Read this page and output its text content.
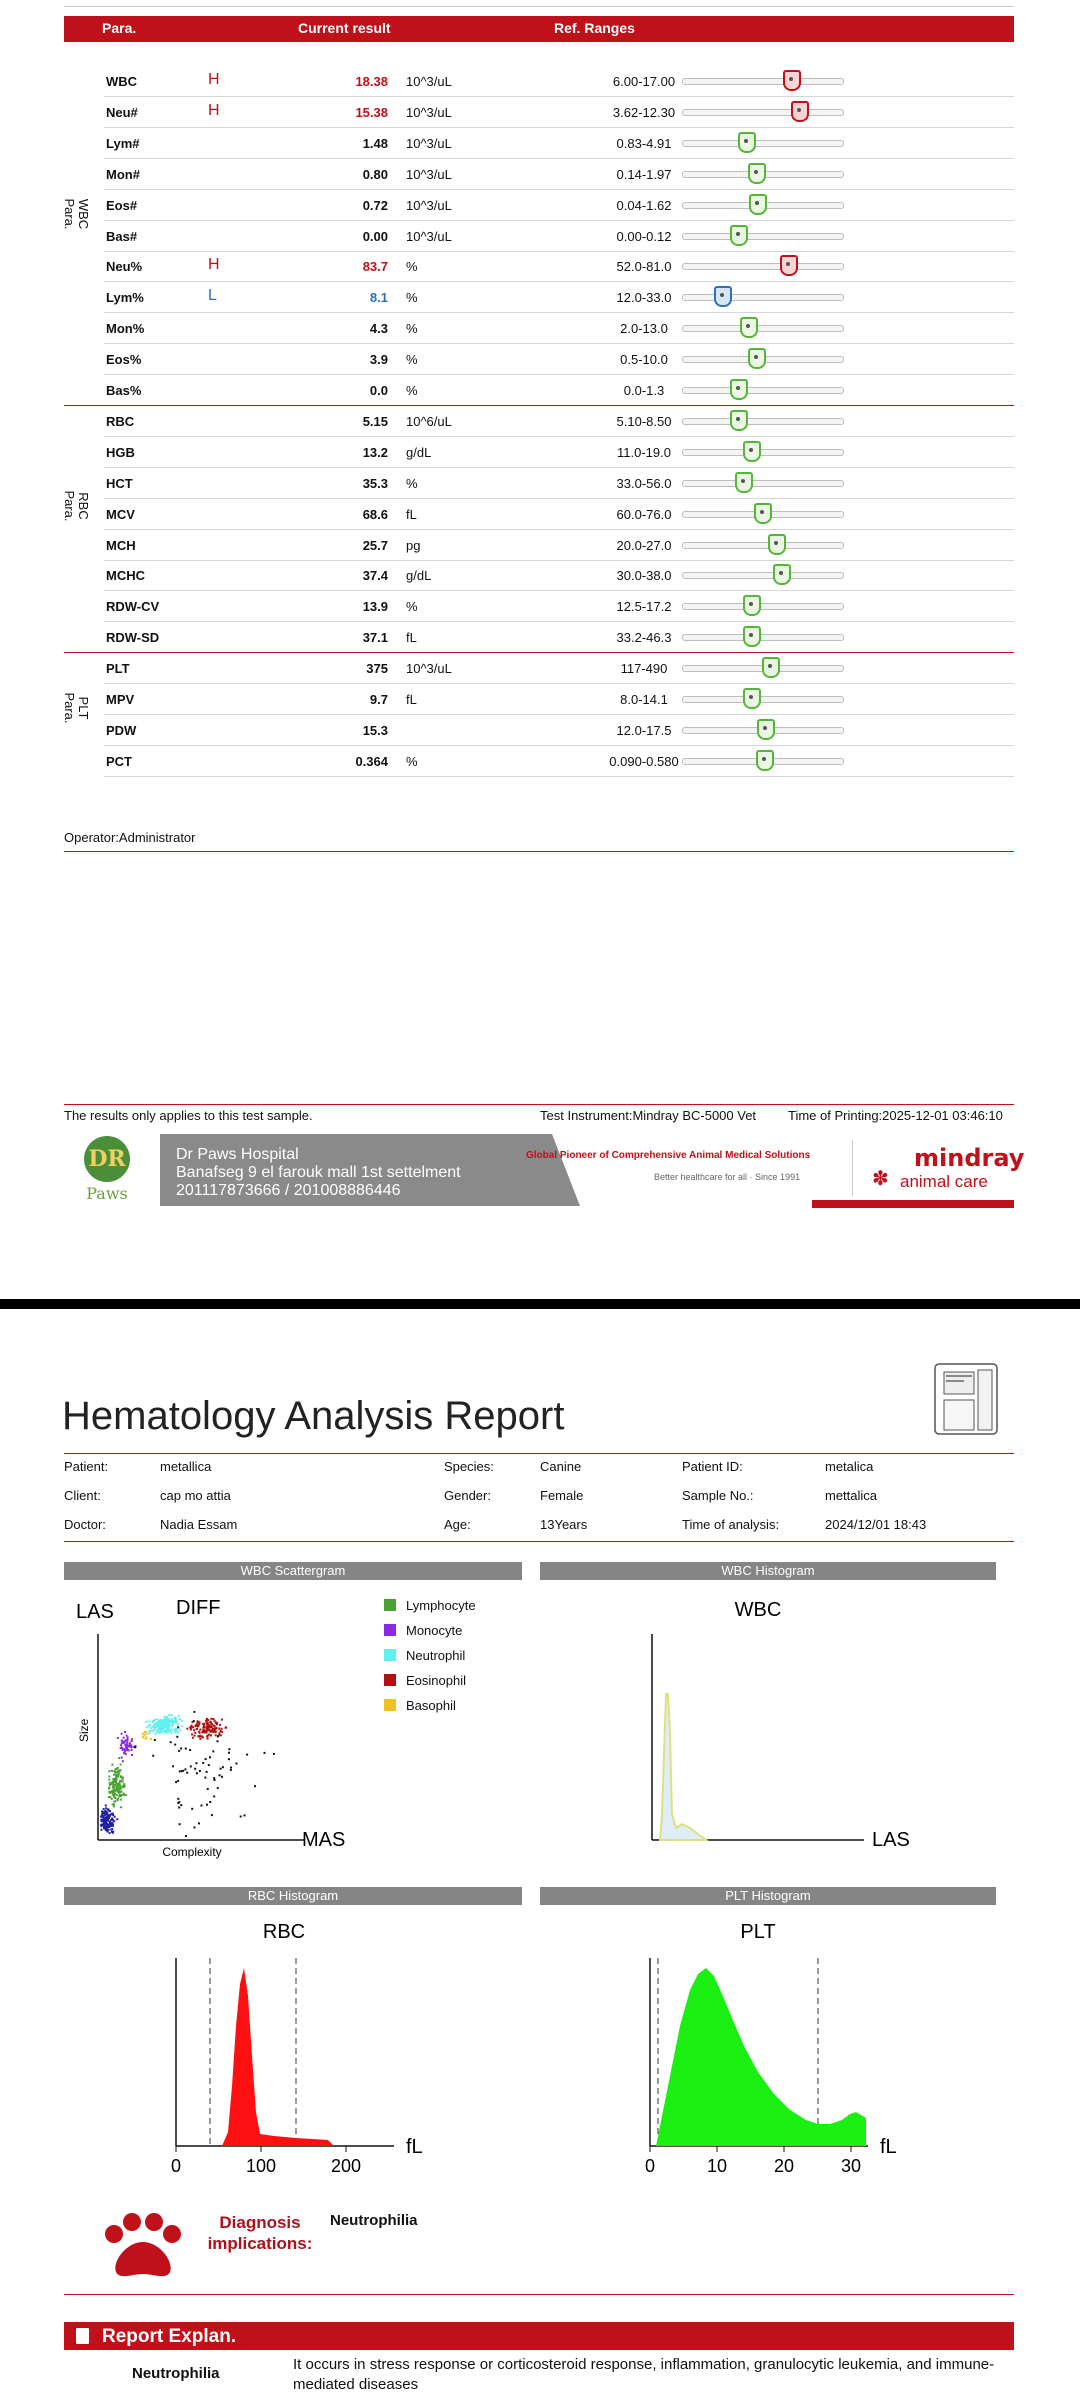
Para.	Current result	Ref. Ranges
WBC	H	18.38 10^3/uL	6.00-17.00
Neu#	H	15.38 10^3/uL	3.62-12.30
Lym#	1.48 10^3/uL	0.83-4.91
Mon#	0.80 10^3/uL	0.14-1.97
Eos#	0.72 10^3/uL	0.04-1.62
Bas#	0.00 10^3/uL	0.00-0.12
Neu%	H	83.7 %	52.0-81.0
Lym%	L	8.1 %	12.0-33.0
Mon%	4.3 %	2.0-13.0
Eos%	3.9 %	0.5-10.0
Bas%	0.0 %	0.0-1.3
RBC	5.15 10^6/uL	5.10-8.50
HGB	13.2 g/dL	11.0-19.0
HCT	35.3 %	33.0-56.0
MCV	68.6 fL	60.0-76.0
MCH	25.7 pg	20.0-27.0
MCHC	37.4 g/dL	30.0-38.0
RDW-CV	13.9 %	12.5-17.2
RDW-SD	37.1 fL	33.2-46.3
PLT	375 10^3/uL	117-490
MPV	9.7 fL	8.0-14.1
PDW	15.3	12.0-17.5
PCT	0.364 %	0.090-0.580
WBC
Para.
RBC
Para.
PLT
Para.
Operator:Administrator
The results only applies to this test sample.	Test Instrument:Mindray BC-5000 Vet Time of Printing:2025-12-01 03:46:10
DR
Paws
Dr Paws Hospital
Banafseg 9 el farouk mall 1st settelment
201117873666 / 201008886446
Global Pioneer of Comprehensive Animal Medical Solutions
Better healthcare for all · Since 1991	✽
mindray
animal care
Hematology Analysis Report
Patient:	metallica
Client:	cap mo attia
Doctor:	Nadia Essam
Species:	Canine
Gender:	Female
Age:	13Years
Patient ID:	metalica
Sample No.:	mettalica
Time of analysis:	2024/12/01 18:43
WBC Scattergram	WBC Histogram
RBC Histogram	PLT Histogram
LAS	DIFF
Size
MAS
Complexity
Lymphocyte
Monocyte
Neutrophil
Eosinophil
Basophil
WBC
LAS
RBC
0	100	200
fL
PLT
0	10	20	30
fL
Diagnosis
implications:
Neutrophilia
Report Explan.
Neutrophilia
It occurs in stress response or corticosteroid response, inflammation, granulocytic leukemia, and immune-mediated diseases
